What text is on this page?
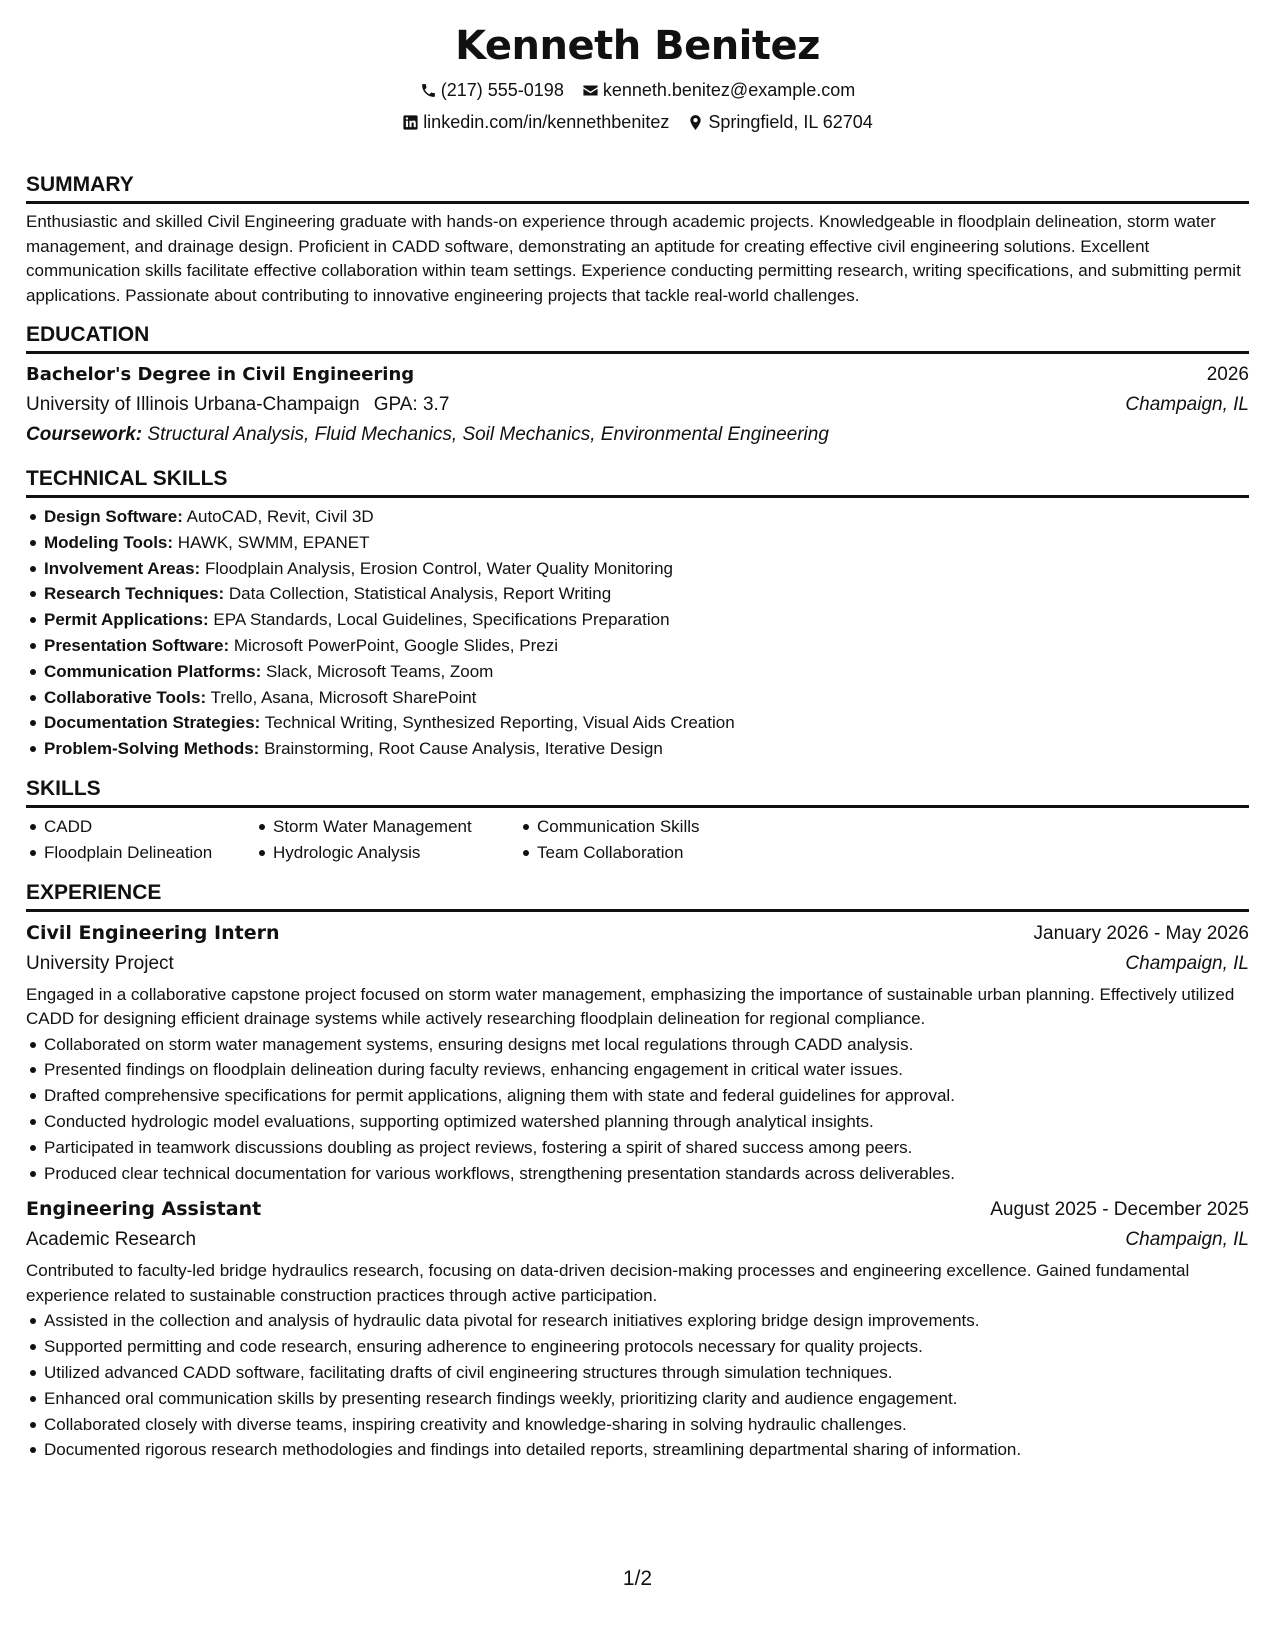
Kenneth Benitez
(217) 555-0198 kenneth.benitez@example.com
linkedin.com/in/kennethbenitez Springfield, IL 62704
SUMMARY

Enthusiastic and skilled Civil Engineering graduate with hands-on experience through academic projects. Knowledgeable in floodplain delineation, storm water management, and drainage design. Proficient in CADD software, demonstrating an aptitude for creating effective civil engineering solutions. Excellent communication skills facilitate effective collaboration within team settings. Experience conducting permitting research, writing specifications, and submitting permit applications. Passionate about contributing to innovative engineering projects that tackle real-world challenges.

EDUCATION
Bachelor's Degree in Civil Engineering	2026
University of Illinois Urbana-Champaign GPA: 3.7	Champaign, IL
Coursework: Structural Analysis, Fluid Mechanics, Soil Mechanics, Environmental Engineering
TECHNICAL SKILLS
Design Software: AutoCAD, Revit, Civil 3D
Modeling Tools: HAWK, SWMM, EPANET
Involvement Areas: Floodplain Analysis, Erosion Control, Water Quality Monitoring
Research Techniques: Data Collection, Statistical Analysis, Report Writing
Permit Applications: EPA Standards, Local Guidelines, Specifications Preparation
Presentation Software: Microsoft PowerPoint, Google Slides, Prezi
Communication Platforms: Slack, Microsoft Teams, Zoom
Collaborative Tools: Trello, Asana, Microsoft SharePoint
Documentation Strategies: Technical Writing, Synthesized Reporting, Visual Aids Creation
Problem-Solving Methods: Brainstorming, Root Cause Analysis, Iterative Design
SKILLS
CADD
Floodplain Delineation
Storm Water Management
Hydrologic Analysis
Communication Skills
Team Collaboration
EXPERIENCE
Civil Engineering Intern	January 2026 - May 2026
University Project	Champaign, IL

Engaged in a collaborative capstone project focused on storm water management, emphasizing the importance of sustainable urban planning. Effectively utilized CADD for designing efficient drainage systems while actively researching floodplain delineation for regional compliance.

Collaborated on storm water management systems, ensuring designs met local regulations through CADD analysis.
Presented findings on floodplain delineation during faculty reviews, enhancing engagement in critical water issues.
Drafted comprehensive specifications for permit applications, aligning them with state and federal guidelines for approval.
Conducted hydrologic model evaluations, supporting optimized watershed planning through analytical insights.
Participated in teamwork discussions doubling as project reviews, fostering a spirit of shared success among peers.
Produced clear technical documentation for various workflows, strengthening presentation standards across deliverables.
Engineering Assistant	August 2025 - December 2025
Academic Research	Champaign, IL

Contributed to faculty-led bridge hydraulics research, focusing on data-driven decision-making processes and engineering excellence. Gained fundamental experience related to sustainable construction practices through active participation.

Assisted in the collection and analysis of hydraulic data pivotal for research initiatives exploring bridge design improvements.
Supported permitting and code research, ensuring adherence to engineering protocols necessary for quality projects.
Utilized advanced CADD software, facilitating drafts of civil engineering structures through simulation techniques.
Enhanced oral communication skills by presenting research findings weekly, prioritizing clarity and audience engagement.
Collaborated closely with diverse teams, inspiring creativity and knowledge-sharing in solving hydraulic challenges.
Documented rigorous research methodologies and findings into detailed reports, streamlining departmental sharing of information.
1/2
